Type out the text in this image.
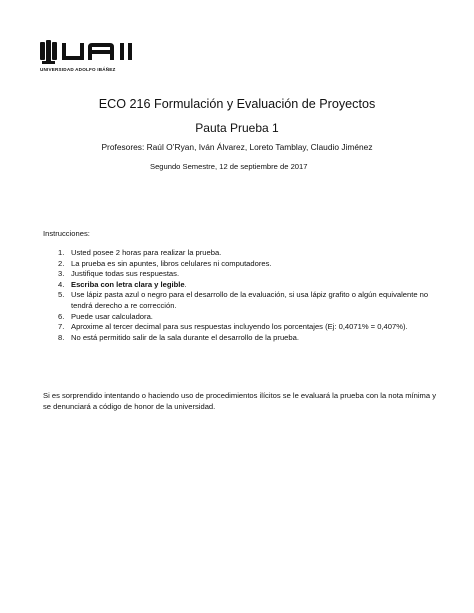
UNIVERSIDAD ADOLFO IBÁÑEZ
ECO 216 Formulación y Evaluación de Proyectos
Pauta Prueba 1
Profesores: Raúl O’Ryan, Iván Álvarez, Loreto Tamblay, Claudio Jiménez
Segundo Semestre, 12 de septiembre de 2017
Instrucciones:
1. Usted posee 2 horas para realizar la prueba.
2. La prueba es sin apuntes, libros celulares ni computadores.
3. Justifique todas sus respuestas.
4. Escriba con letra clara y legible.
5. Use lápiz pasta azul o negro para el desarrollo de la evaluación, si usa lápiz grafito o algún equivalente no tendrá derecho a re corrección.
6. Puede usar calculadora.
7. Aproxime al tercer decimal para sus respuestas incluyendo los porcentajes (Ej: 0,4071% = 0,407%).
8. No está permitido salir de la sala durante el desarrollo de la prueba.
Si es sorprendido intentando o haciendo uso de procedimientos ilícitos se le evaluará la prueba con la nota mínima y se denunciará a código de honor de la universidad.
